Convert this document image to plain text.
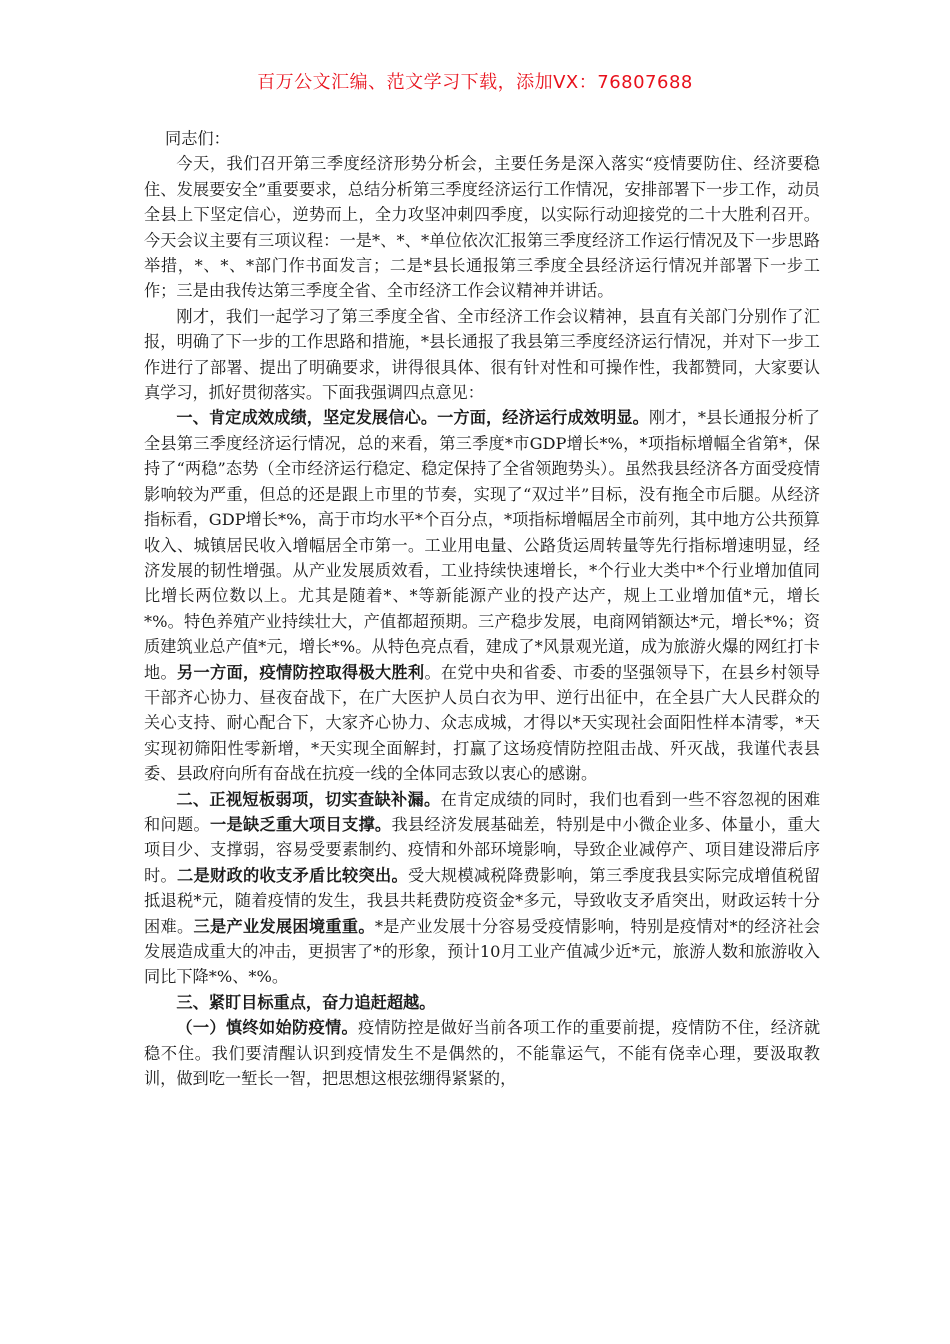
百万公文汇编、范文学习下载，添加VX：76807688

同志们：

今天，我们召开第三季度经济形势分析会，主要任务是深入落实“疫情要防住、经济要稳住、发展要安全”重要要求，总结分析第三季度经济运行工作情况，安排部署下一步工作，动员全县上下坚定信心，逆势而上，全力攻坚冲刺四季度，以实际行动迎接党的二十大胜利召开。今天会议主要有三项议程：一是*、*、*单位依次汇报第三季度经济工作运行情况及下一步思路举措，*、*、*部门作书面发言；二是*县长通报第三季度全县经济运行情况并部署下一步工作；三是由我传达第三季度全省、全市经济工作会议精神并讲话。

刚才，我们一起学习了第三季度全省、全市经济工作会议精神，县直有关部门分别作了汇报，明确了下一步的工作思路和措施，*县长通报了我县第三季度经济运行情况，并对下一步工作进行了部署、提出了明确要求，讲得很具体、很有针对性和可操作性，我都赞同，大家要认真学习，抓好贯彻落实。下面我强调四点意见：

一、肯定成效成绩，坚定发展信心。一方面，经济运行成效明显。刚才，*县长通报分析了全县第三季度经济运行情况，总的来看，第三季度*市GDP增长*%，*项指标增幅全省第*，保持了“两稳”态势（全市经济运行稳定、稳定保持了全省领跑势头）。虽然我县经济各方面受疫情影响较为严重，但总的还是跟上市里的节奏，实现了“双过半”目标，没有拖全市后腿。从经济指标看，GDP增长*%，高于市均水平*个百分点，*项指标增幅居全市前列，其中地方公共预算收入、城镇居民收入增幅居全市第一。工业用电量、公路货运周转量等先行指标增速明显，经济发展的韧性增强。从产业发展质效看，工业持续快速增长，*个行业大类中*个行业增加值同比增长两位数以上。尤其是随着*、*等新能源产业的投产达产，规上工业增加值*元，增长*%。特色养殖产业持续壮大，产值都超预期。三产稳步发展，电商网销额达*元，增长*%；资质建筑业总产值*元，增长*%。从特色亮点看，建成了*风景观光道，成为旅游火爆的网红打卡地。另一方面，疫情防控取得极大胜利。在党中央和省委、市委的坚强领导下，在县乡村领导干部齐心协力、昼夜奋战下，在广大医护人员白衣为甲、逆行出征中，在全县广大人民群众的关心支持、耐心配合下，大家齐心协力、众志成城，才得以*天实现社会面阳性样本清零，*天实现初筛阳性零新增，*天实现全面解封，打赢了这场疫情防控阻击战、歼灭战，我谨代表县委、县政府向所有奋战在抗疫一线的全体同志致以衷心的感谢。

二、正视短板弱项，切实查缺补漏。在肯定成绩的同时，我们也看到一些不容忽视的困难和问题。一是缺乏重大项目支撑。我县经济发展基础差，特别是中小微企业多、体量小，重大项目少、支撑弱，容易受要素制约、疫情和外部环境影响，导致企业减停产、项目建设滞后序时。二是财政的收支矛盾比较突出。受大规模减税降费影响，第三季度我县实际完成增值税留抵退税*元，随着疫情的发生，我县共耗费防疫资金*多元，导致收支矛盾突出，财政运转十分困难。三是产业发展困境重重。*是产业发展十分容易受疫情影响，特别是疫情对*的经济社会发展造成重大的冲击，更损害了*的形象，预计10月工业产值减少近*元，旅游人数和旅游收入同比下降*%、*%。

三、紧盯目标重点，奋力追赶超越。

（一）慎终如始防疫情。疫情防控是做好当前各项工作的重要前提，疫情防不住，经济就稳不住。我们要清醒认识到疫情发生不是偶然的，不能靠运气，不能有侥幸心理，要汲取教训，做到吃一堑长一智，把思想这根弦绷得紧紧的，
